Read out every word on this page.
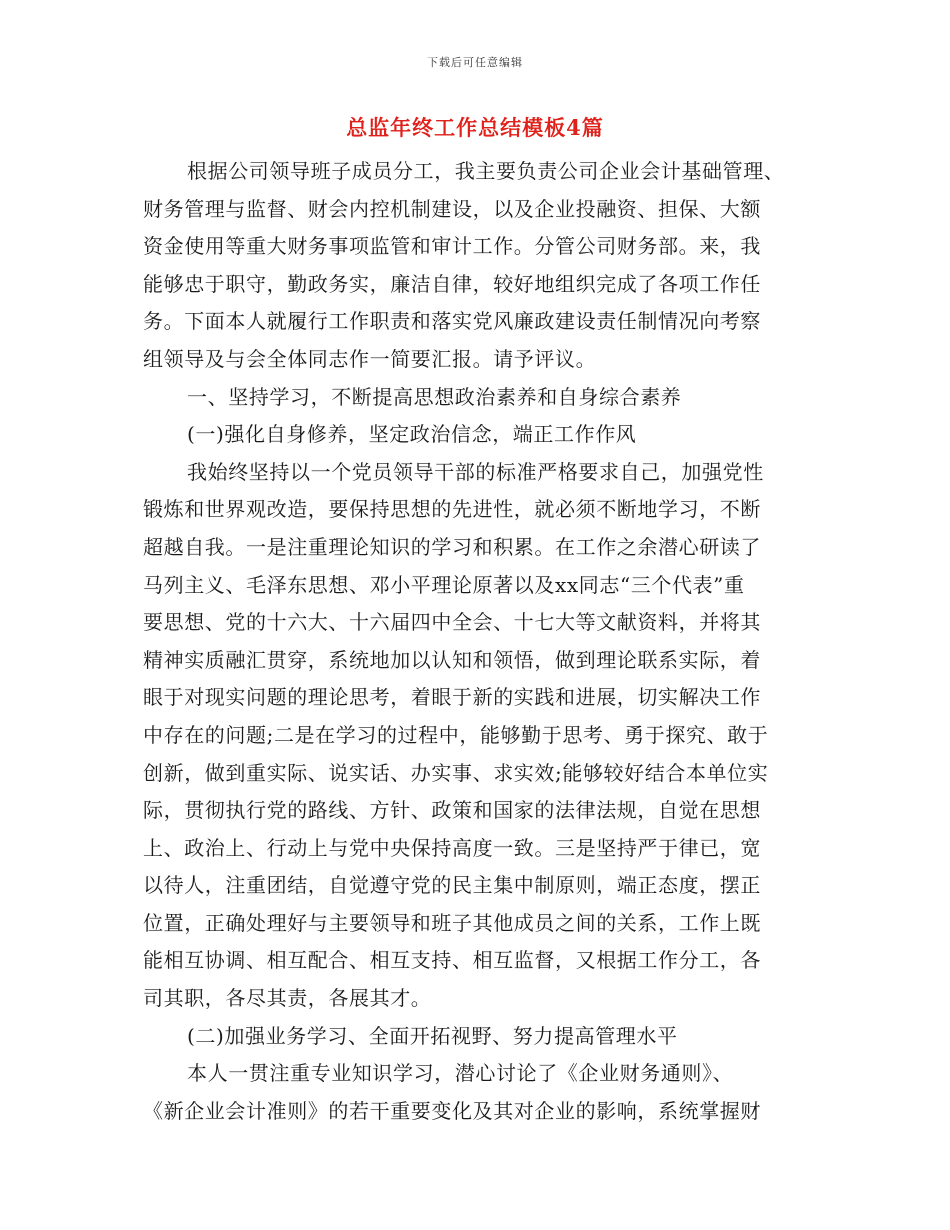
下载后可任意编辑
总监年终工作总结模板4篇
根据公司领导班子成员分工，我主要负责公司企业会计基础管理、
财务管理与监督、财会内控机制建设，以及企业投融资、担保、大额
资金使用等重大财务事项监管和审计工作。分管公司财务部。来，我
能够忠于职守，勤政务实，廉洁自律，较好地组织完成了各项工作任
务。下面本人就履行工作职责和落实党风廉政建设责任制情况向考察
组领导及与会全体同志作一简要汇报。请予评议。
一、坚持学习，不断提高思想政治素养和自身综合素养
(一)强化自身修养，坚定政治信念，端正工作作风
我始终坚持以一个党员领导干部的标准严格要求自己，加强党性
锻炼和世界观改造，要保持思想的先进性，就必须不断地学习，不断
超越自我。一是注重理论知识的学习和积累。在工作之余潜心研读了
马列主义、毛泽东思想、邓小平理论原著以及xx同志“三个代表”重
要思想、党的十六大、十六届四中全会、十七大等文献资料，并将其
精神实质融汇贯穿，系统地加以认知和领悟，做到理论联系实际，着
眼于对现实问题的理论思考，着眼于新的实践和进展，切实解决工作
中存在的问题;二是在学习的过程中，能够勤于思考、勇于探究、敢于
创新，做到重实际、说实话、办实事、求实效;能够较好结合本单位实
际，贯彻执行党的路线、方针、政策和国家的法律法规，自觉在思想
上、政治上、行动上与党中央保持高度一致。三是坚持严于律已，宽
以待人，注重团结，自觉遵守党的民主集中制原则，端正态度，摆正
位置，正确处理好与主要领导和班子其他成员之间的关系，工作上既
能相互协调、相互配合、相互支持、相互监督，又根据工作分工，各
司其职，各尽其责，各展其才。
(二)加强业务学习、全面开拓视野、努力提高管理水平
本人一贯注重专业知识学习，潜心讨论了《企业财务通则》、
《新企业会计准则》的若干重要变化及其对企业的影响，系统掌握财
